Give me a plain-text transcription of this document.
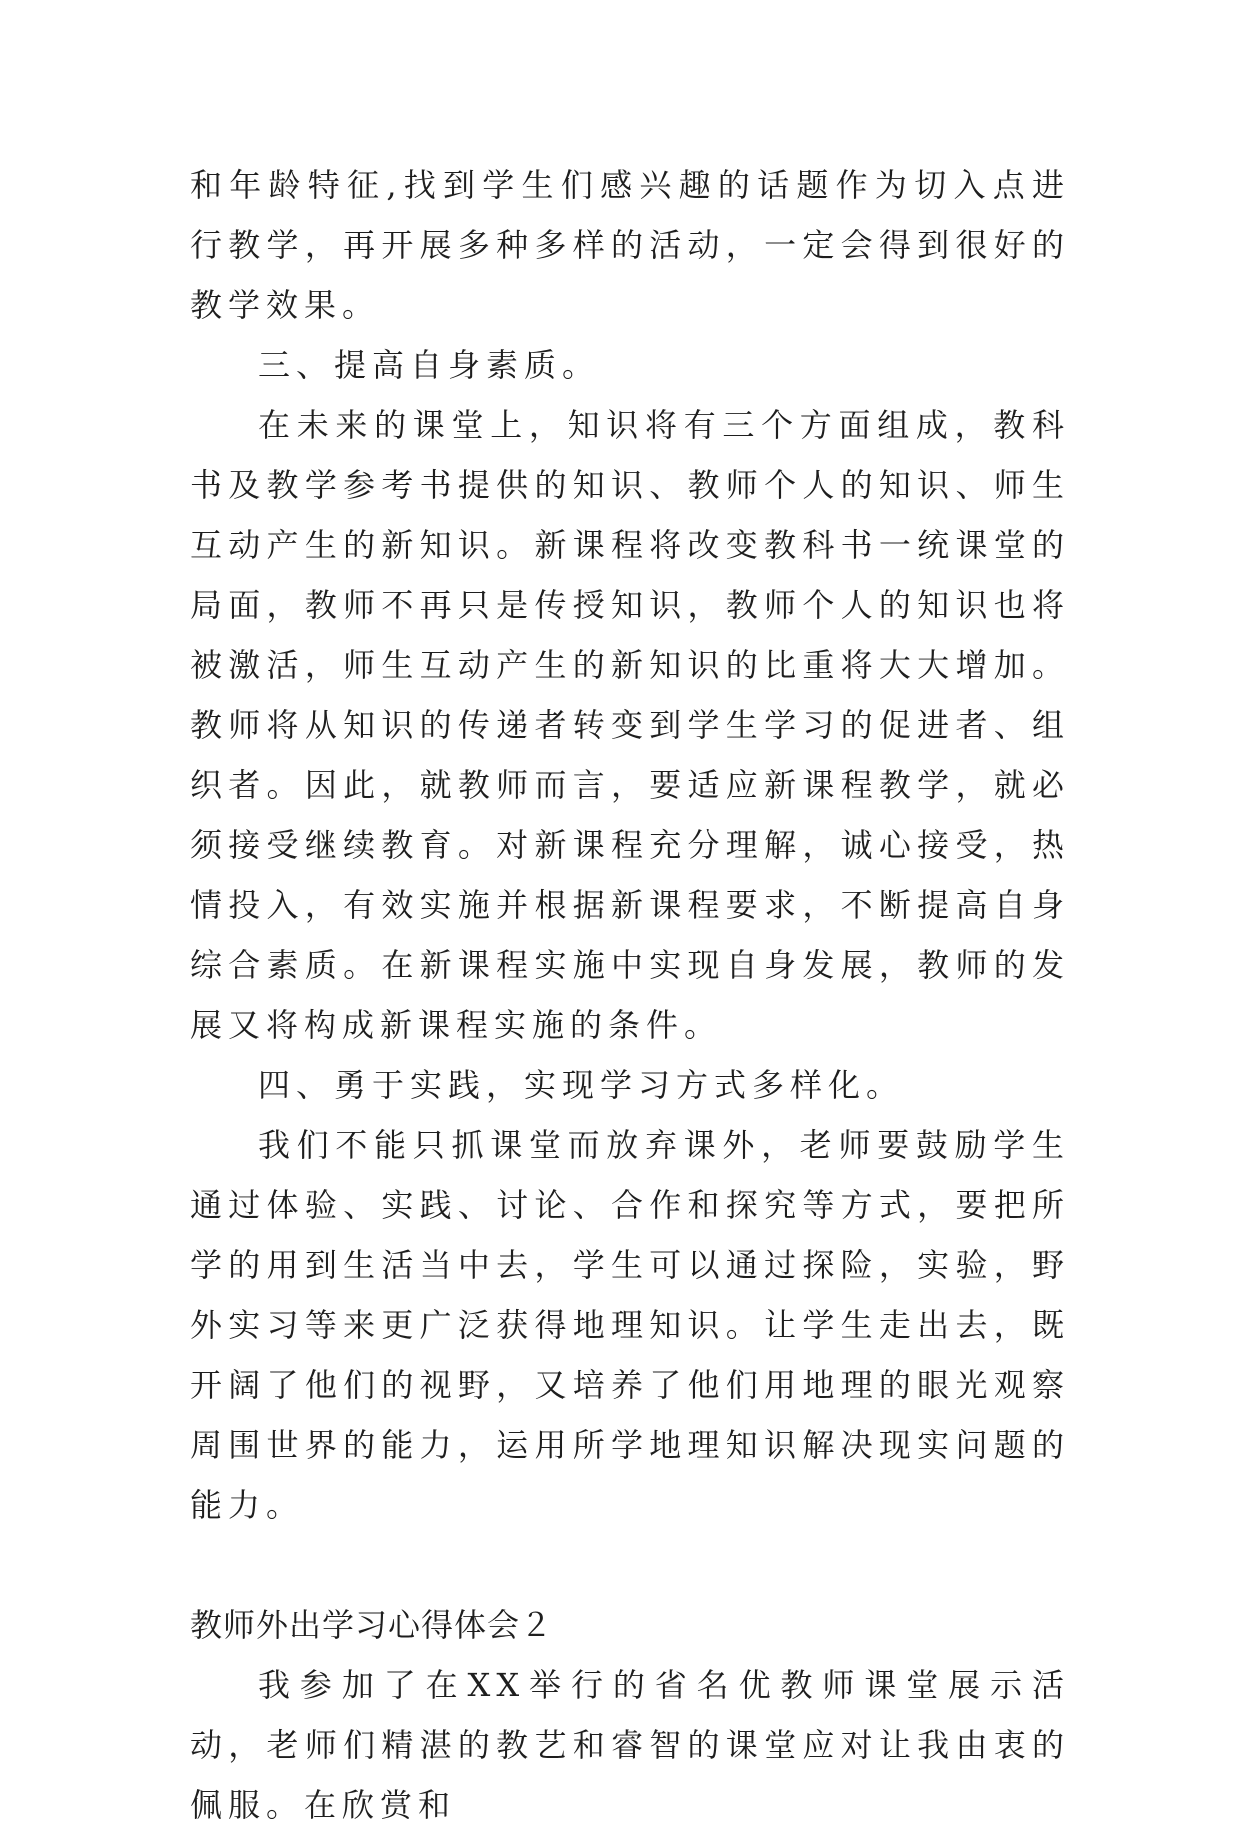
和年龄特征,找到学生们感兴趣的话题作为切入点进行教学，再开展多种多样的活动，一定会得到很好的教学效果。

三、提高自身素质。

在未来的课堂上，知识将有三个方面组成，教科书及教学参考书提供的知识、教师个人的知识、师生互动产生的新知识。新课程将改变教科书一统课堂的局面，教师不再只是传授知识，教师个人的知识也将被激活，师生互动产生的新知识的比重将大大增加。教师将从知识的传递者转变到学生学习的促进者、组织者。因此，就教师而言，要适应新课程教学，就必须接受继续教育。对新课程充分理解，诚心接受，热情投入，有效实施并根据新课程要求，不断提高自身综合素质。在新课程实施中实现自身发展，教师的发展又将构成新课程实施的条件。

四、勇于实践，实现学习方式多样化。

我们不能只抓课堂而放弃课外，老师要鼓励学生通过体验、实践、讨论、合作和探究等方式，要把所学的用到生活当中去，学生可以通过探险，实验，野外实习等来更广泛获得地理知识。让学生走出去，既开阔了他们的视野，又培养了他们用地理的眼光观察周围世界的能力，运用所学地理知识解决现实问题的能力。

教师外出学习心得体会２

我参加了在XX举行的省名优教师课堂展示活动，老师们精湛的教艺和睿智的课堂应对让我由衷的佩服。在欣赏和
